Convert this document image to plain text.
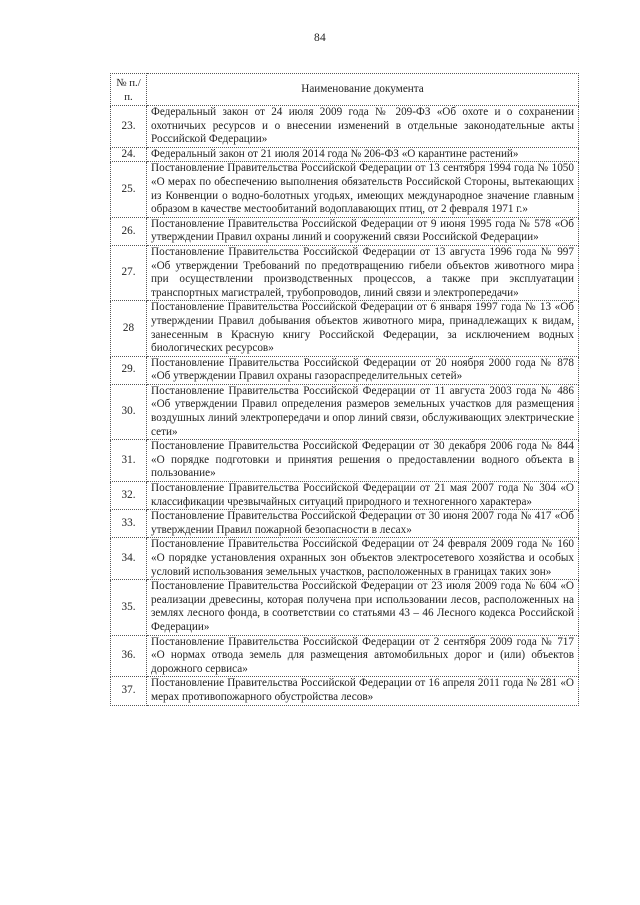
84
№ п./п.	Наименование документа
23.	Федеральный закон от 24 июля 2009 года № 209-ФЗ «Об охоте и о сохранении охотничьих ресурсов и о внесении изменений в отдельные законодательные акты Российской Федерации»
24.	Федеральный закон от 21 июля 2014 года № 206-ФЗ «О карантине растений»
25.	Постановление Правительства Российской Федерации от 13 сентября 1994 года № 1050 «О мерах по обеспечению выполнения обязательств Российской Стороны, вытекающих из Конвенции о водно-болотных угодьях, имеющих международное значение главным образом в качестве местообитаний водоплавающих птиц, от 2 февраля 1971 г.»
26.	Постановление Правительства Российской Федерации от 9 июня 1995 года № 578 «Об утверждении Правил охраны линий и сооружений связи Российской Федерации»
27.	Постановление Правительства Российской Федерации от 13 августа 1996 года № 997 «Об утверждении Требований по предотвращению гибели объектов животного мира при осуществлении производственных процессов, а также при эксплуатации транспортных магистралей, трубопроводов, линий связи и электропередачи»
28	Постановление Правительства Российской Федерации от 6 января 1997 года № 13 «Об утверждении Правил добывания объектов животного мира, принадлежащих к видам, занесенным в Красную книгу Российской Федерации, за исключением водных биологических ресурсов»
29.	Постановление Правительства Российской Федерации от 20 ноября 2000 года № 878 «Об утверждении Правил охраны газораспределительных сетей»
30.	Постановление Правительства Российской Федерации от 11 августа 2003 года № 486 «Об утверждении Правил определения размеров земельных участков для размещения воздушных линий электропередачи и опор линий связи, обслуживающих электрические сети»
31.	Постановление Правительства Российской Федерации от 30 декабря 2006 года № 844 «О порядке подготовки и принятия решения о предоставлении водного объекта в пользование»
32.	Постановление Правительства Российской Федерации от 21 мая 2007 года № 304 «О классификации чрезвычайных ситуаций природного и техногенного характера»
33.	Постановление Правительства Российской Федерации от 30 июня 2007 года № 417 «Об утверждении Правил пожарной безопасности в лесах»
34.	Постановление Правительства Российской Федерации от 24 февраля 2009 года № 160 «О порядке установления охранных зон объектов электросетевого хозяйства и особых условий использования земельных участков, расположенных в границах таких зон»
35.	Постановление Правительства Российской Федерации от 23 июля 2009 года № 604 «О реализации древесины, которая получена при использовании лесов, расположенных на землях лесного фонда, в соответствии со статьями 43 – 46 Лесного кодекса Российской Федерации»
36.	Постановление Правительства Российской Федерации от 2 сентября 2009 года № 717 «О нормах отвода земель для размещения автомобильных дорог и (или) объектов дорожного сервиса»
37.	Постановление Правительства Российской Федерации от 16 апреля 2011 года № 281 «О мерах противопожарного обустройства лесов»
